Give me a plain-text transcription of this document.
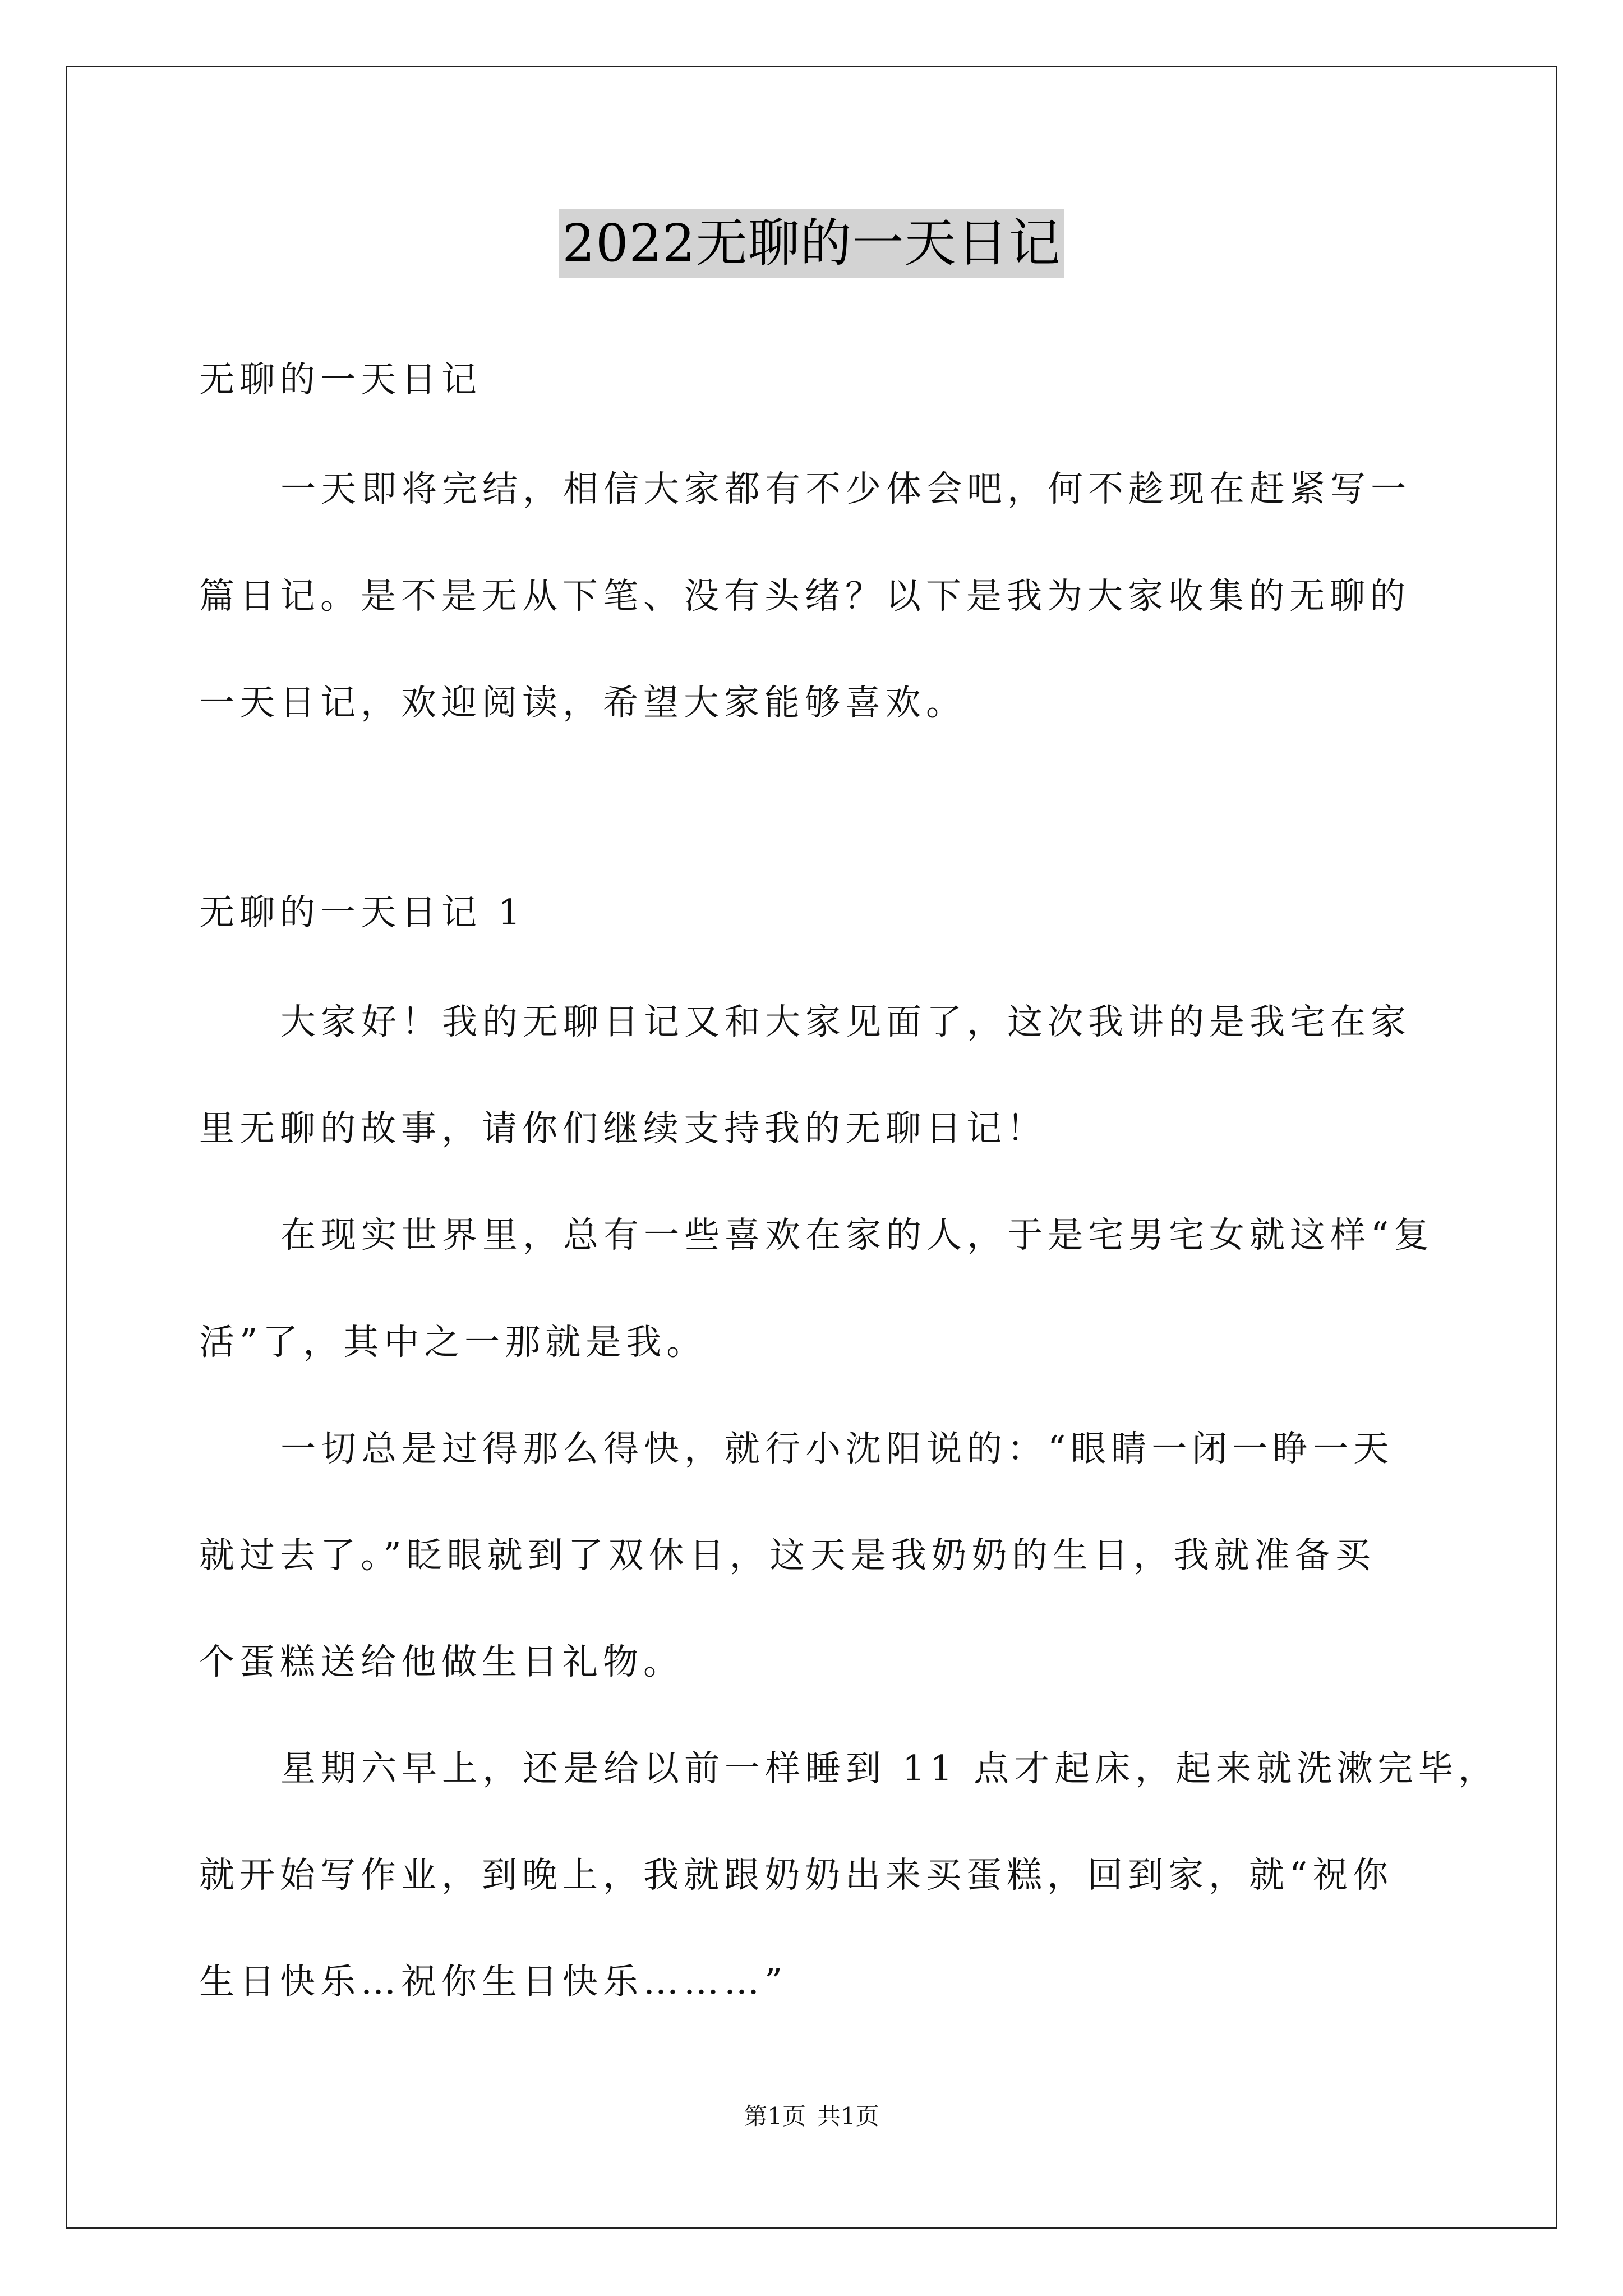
2022无聊的一天日记
无聊的一天日记
一天即将完结，相信大家都有不少体会吧，何不趁现在赶紧写一
篇日记。是不是无从下笔、没有头绪？以下是我为大家收集的无聊的
一天日记，欢迎阅读，希望大家能够喜欢。
无聊的一天日记 1
大家好！我的无聊日记又和大家见面了，这次我讲的是我宅在家
里无聊的故事，请你们继续支持我的无聊日记！
在现实世界里，总有一些喜欢在家的人，于是宅男宅女就这样“复
活”了，其中之一那就是我。
一切总是过得那么得快，就行小沈阳说的：“眼睛一闭一睁一天
就过去了。”眨眼就到了双休日，这天是我奶奶的生日，我就准备买
个蛋糕送给他做生日礼物。
星期六早上，还是给以前一样睡到 11 点才起床，起来就洗漱完毕，
就开始写作业，到晚上，我就跟奶奶出来买蛋糕，回到家，就“祝你
生日快乐…祝你生日快乐………”
第1页 共1页
